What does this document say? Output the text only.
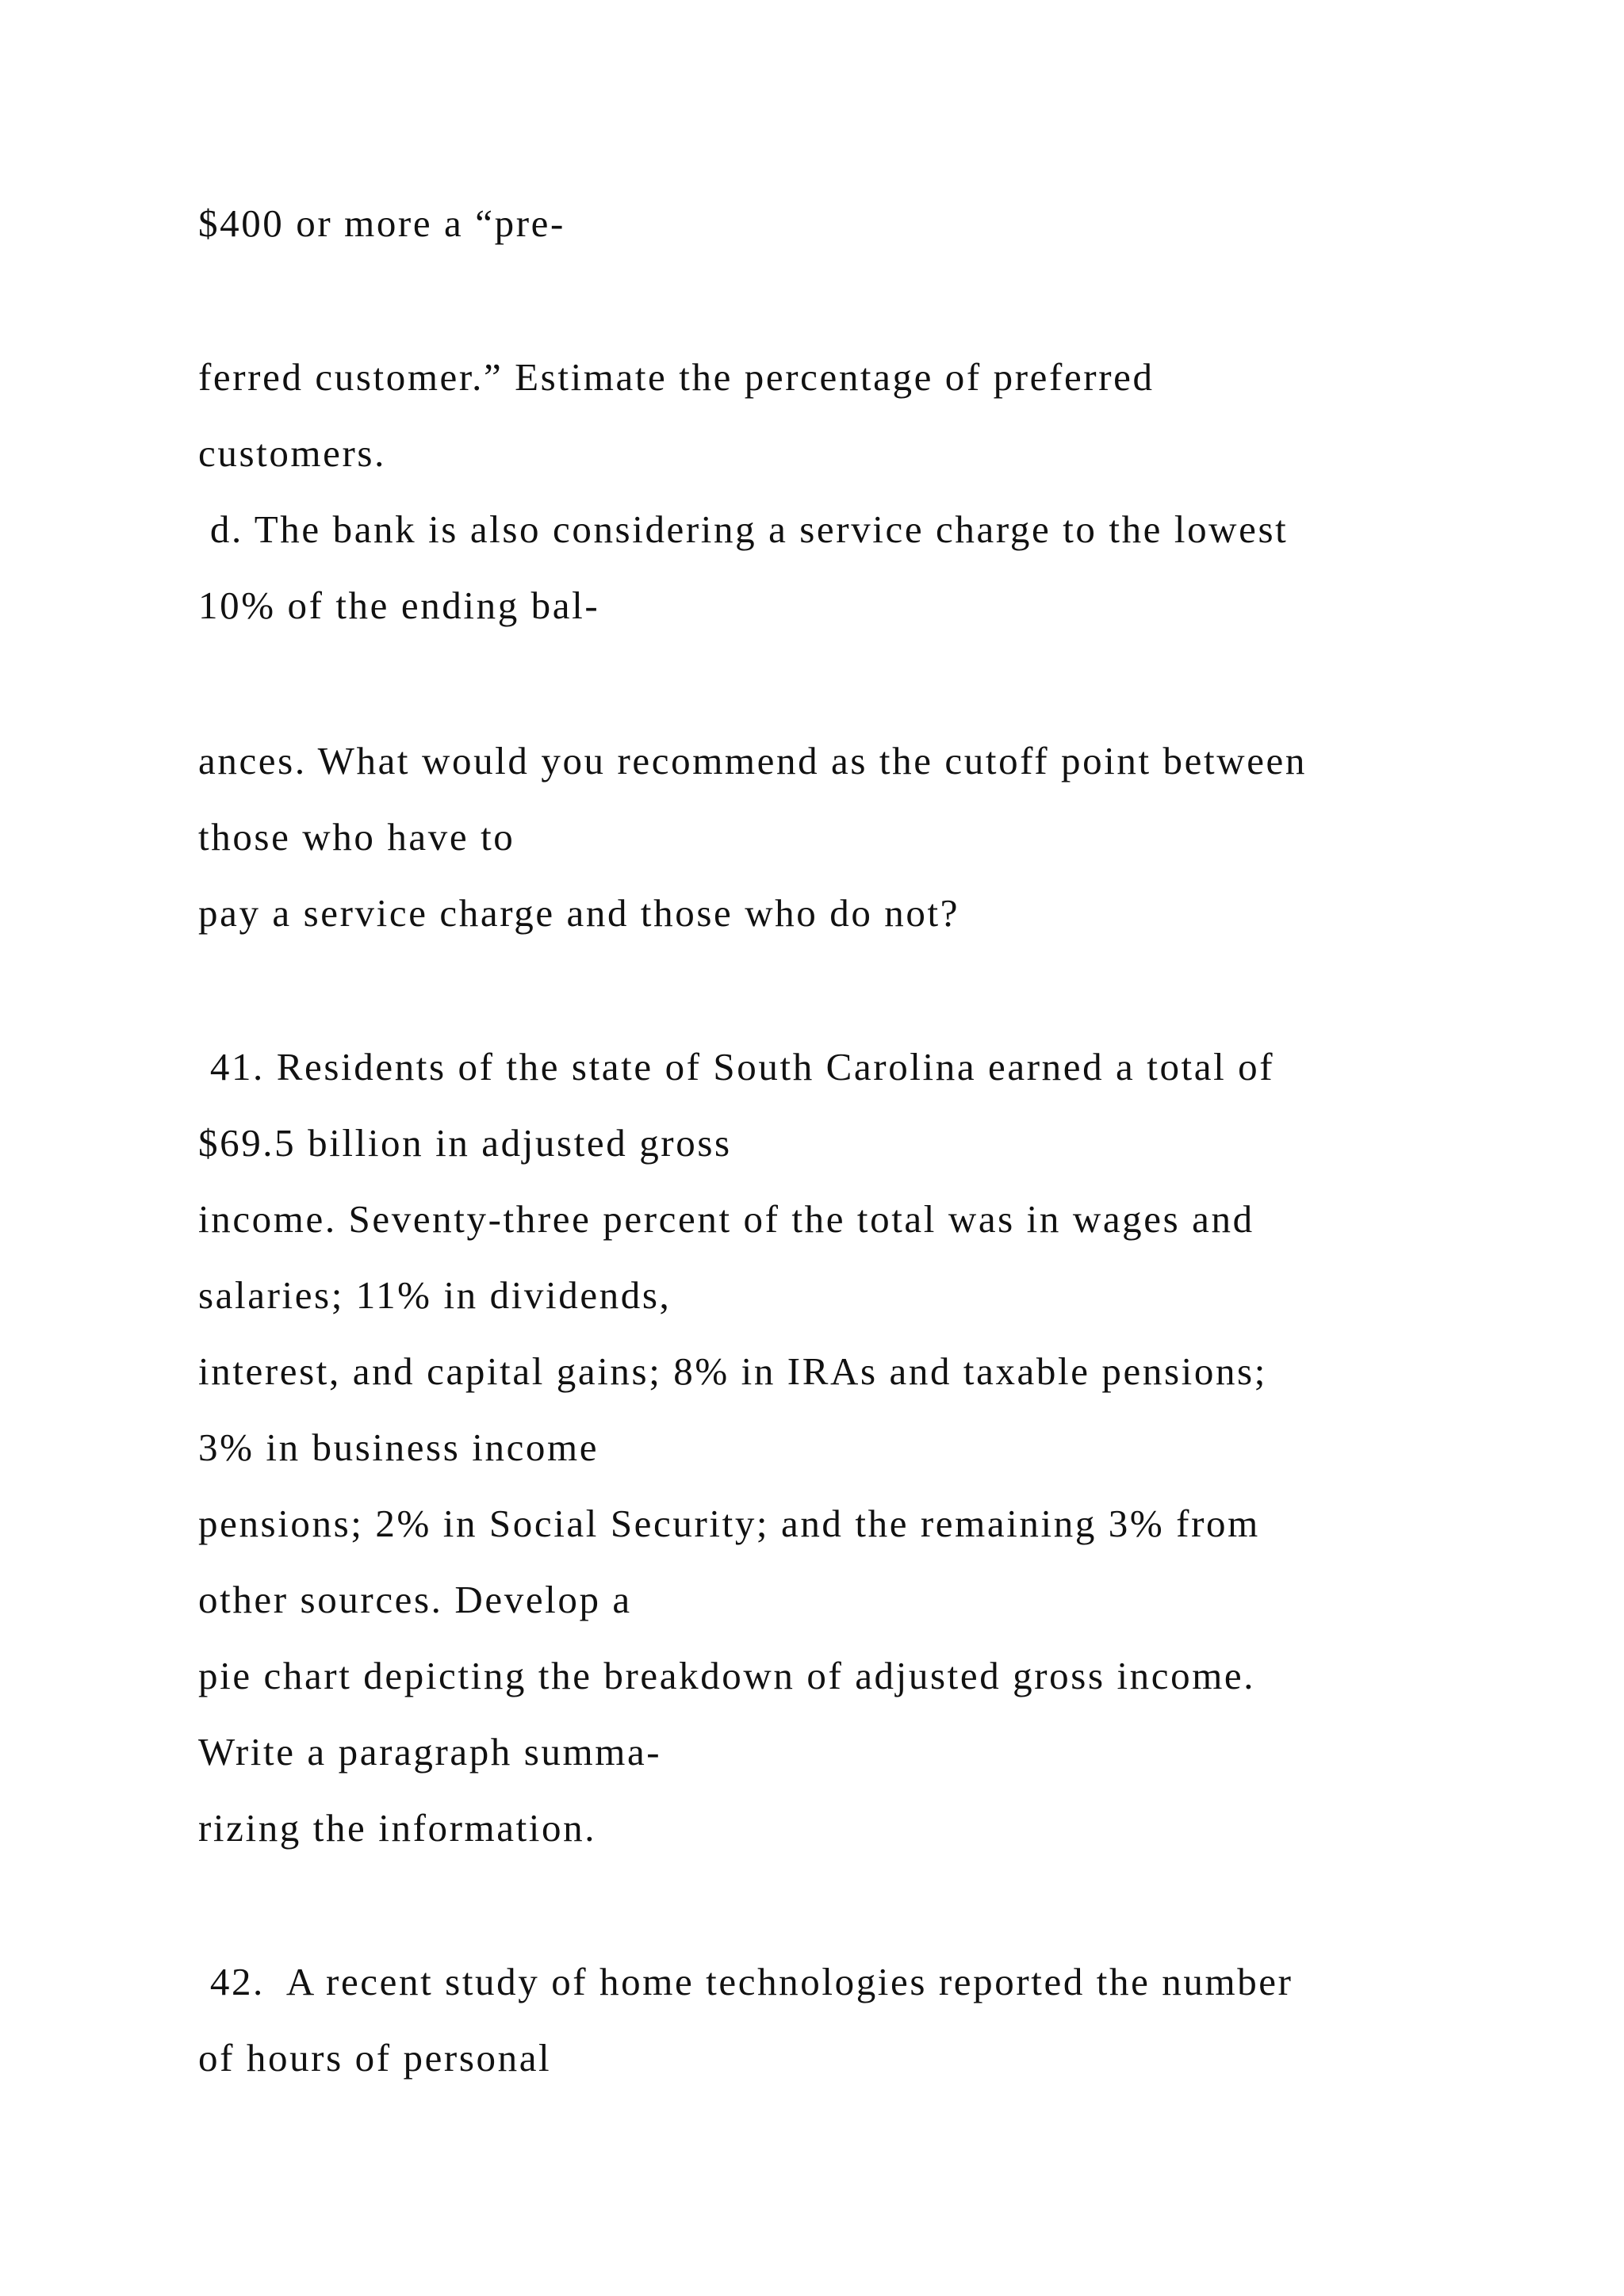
$400 or more a “pre-

ferred customer.” Estimate the percentage of preferred

customers.

d. The bank is also considering a service charge to the lowest

10% of the ending bal-

ances. What would you recommend as the cutoff point between

those who have to

pay a service charge and those who do not?

41. Residents of the state of South Carolina earned a total of

$69.5 billion in adjusted gross

income. Seventy-three percent of the total was in wages and

salaries; 11% in dividends,

interest, and capital gains; 8% in IRAs and taxable pensions;

3% in business income

pensions; 2% in Social Security; and the remaining 3% from

other sources. Develop a

pie chart depicting the breakdown of adjusted gross income.

Write a paragraph summa-

rizing the information.

42.  A recent study of home technologies reported the number

of hours of personal
